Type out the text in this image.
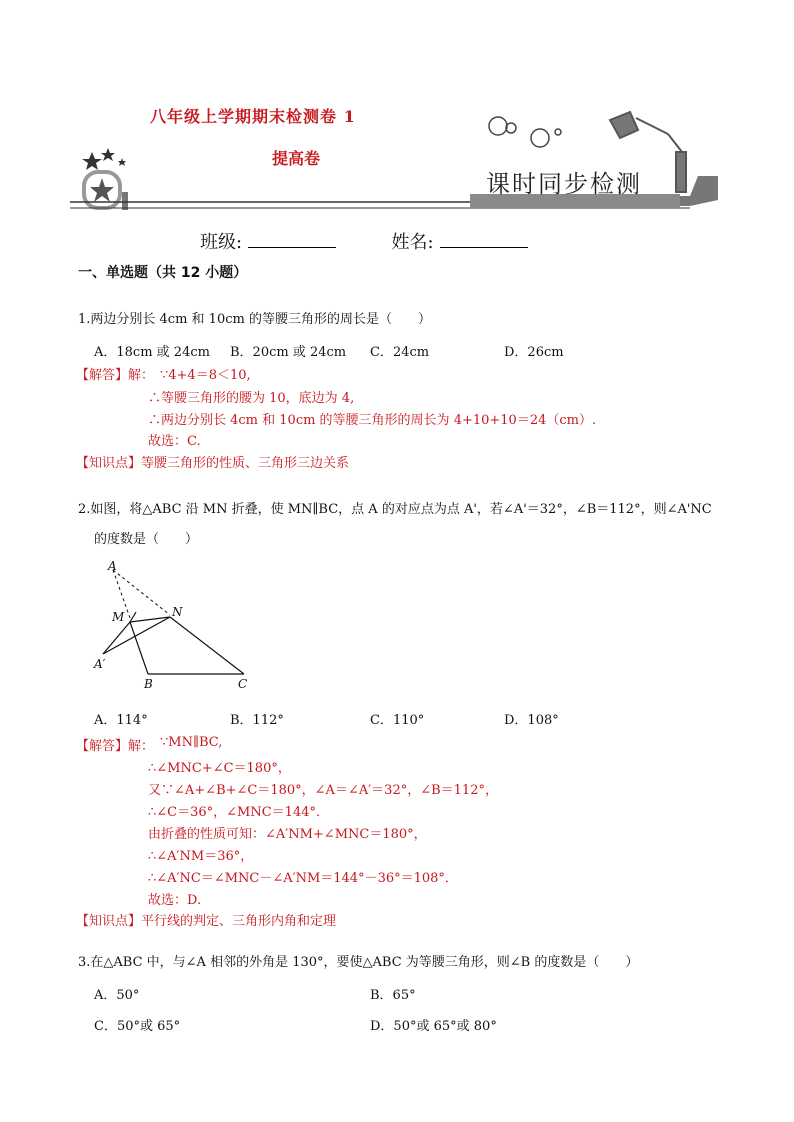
八年级上学期期末检测卷 1
提高卷
课时同步检测
班级:	姓名:
一、单选题（共 12 小题）
1.两边分别长 4cm 和 10cm 的等腰三角形的周长是（　　）
A．18cm 或 24cm B．20cm 或 24cm C．24cm	D．26cm
【解答】解： ∵4+4＝8＜10,
∴等腰三角形的腰为 10，底边为 4,
∴两边分别长 4cm 和 10cm 的等腰三角形的周长为 4+10+10＝24（cm）.
故选：C.
【知识点】等腰三角形的性质、三角形三边关系
2.如图，将△ABC 沿 MN 折叠，使 MN∥BC，点 A 的对应点为点 A'，若∠A'＝32°，∠B＝112°，则∠A'NC
的度数是（　　）
A
M	N
A′
B	C
A．114°	B．112°	C．110°	D．108°
【解答】解： ∵MN∥BC,
∴∠MNC+∠C＝180°，
又∵∠A+∠B+∠C＝180°，∠A＝∠A′＝32°，∠B＝112°，
∴∠C＝36°，∠MNC＝144°．
由折叠的性质可知：∠A′NM+∠MNC＝180°，
∴∠A′NM＝36°，
∴∠A′NC＝∠MNC－∠A′NM＝144°－36°＝108°．
故选：D.
【知识点】平行线的判定、三角形内角和定理
3.在△ABC 中，与∠A 相邻的外角是 130°，要使△ABC 为等腰三角形，则∠B 的度数是（　　）
A．50°	B．65°
C．50°或 65°	D．50°或 65°或 80°
